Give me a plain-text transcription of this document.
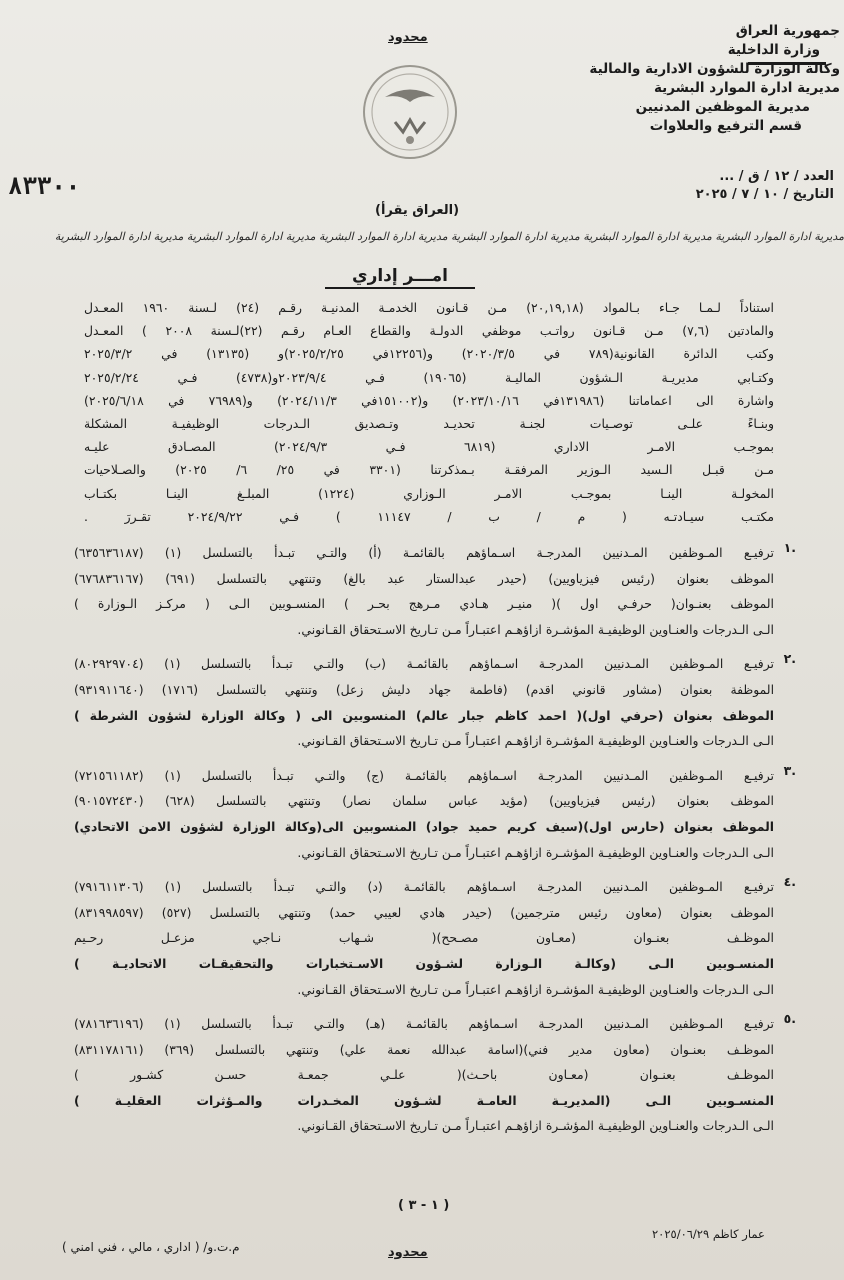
جمهورية العراق
وزارة الداخلية
وكالة الوزارة للشؤون الادارية والمالية
مديرية ادارة الموارد البشرية
مديرية الموظفين المدنيين
قسم الترفيع والعلاوات
العدد / ١٢ / ق / ...
التاريخ / ١٠ / ٧ / ٢٠٢٥
٨٣٣٠٠
محدود
(العراق يقرأ)
مديرية ادارة الموارد البشرية مديرية ادارة الموارد البشرية مديرية ادارة الموارد البشرية مديرية ادارة الموارد البشرية مديرية ادارة الموارد البشرية مديرية ادارة الموارد البشرية
امـــر إداري

استناداً لـمـا جـاء بـالمواد (٢٠,١٩,١٨) مـن قـانون الخدمـة المدنيـة رقـم (٢٤) لـسنة ١٩٦٠ المعـدل

والمادتين (٧,٦) مـن قـانون رواتـب موظفي الدولـة والقطاع العـام رقـم (٢٢)لـسنة ٢٠٠٨ ) المعـدل

وكتب الدائرة القانونية(٧٨٩ في ٢٠٢٠/٣/٥) و(١٢٢٥٦في ٢٠٢٥/٢/٢٥)و (١٣١٣٥) في ٢٠٢٥/٣/٢

وكتـابي مديريـة الـشؤون الماليـة (١٩٠٦٥) فـي ٢٠٢٣/٩/٤و(٤٧٣٨) فـي ٢٠٢٥/٢/٢٤

واشارة الى اعماماتنا (١٣١٩٨٦في ٢٠٢٣/١٠/١٦) و(١٥١٠٠٢في ٢٠٢٤/١١/٣) و(٧٦٩٨٩ في ٢٠٢٥/٦/١٨)

وبنـاءً علـى توصـيات لجنـة تحديـد وتـصديق الـدرجات الوظيفيـة المشكلة

بموجـب الامـر الاداري (٦٨١٩ فـي ٢٠٢٤/٩/٣) المصـادق عليـه

مـن قبـل الـسيد الـوزير المرفقـة بـمذكرتنا (٣٣٠١ في ٢٥/ ٦/ ٢٠٢٥) والصـلاحيات

المخولـة الينـا بموجـب الامـر الـوزاري (١٢٢٤) المبلـغ الينـا بكتـاب

مكتـب سيـادتـه ( م / ب / ١١١٤٧ ) فـي ٢٠٢٤/٩/٢٢ تقـررَ .

.١

ترفيـع المـوظفين المـدنيين المدرجـة اسـماؤهم بالقائمـة (أ) والتـي تبـدأ بالتسلسل (١) (٦٣٥٦٣٦١٨٧)

الموظف بعنوان (رئيس فيزياويين) (حيدر عبدالستار عبد بالغ) وتنتهي بالتسلسل (٦٩١) (٦٧٦٨٣٦١٦٧)

الموظف بعنـوان( حرفـي اول )( منيـر هـادي مـرهج بحـر ) المنسـوبين الـى ( مركـز الـوزارة )

الـى الـدرجات والعنـاوين الوظيفيـة المؤشـرة ازاؤهـم اعتبـاراً مـن تـاريخ الاسـتحقاق القـانوني.

.٢

ترفيـع المـوظفين المـدنيين المدرجـة اسـماؤهم بالقائمـة (ب) والتـي تبـدأ بالتسلسل (١) (٨٠٢٩٢٩٧٠٤)

الموظفة بعنوان (مشاور قانوني اقدم) (فاطمة جهاد دليش زعل) وتنتهي بالتسلسل (١٧١٦) (٩٣١٩١١٦٤٠)

الموظف بعنوان (حرفي اول)( احمد كاظم جبار عالم) المنسوبين الى ( وكالة الوزارة لشؤون الشرطة )

الـى الـدرجات والعنـاوين الوظيفيـة المؤشـرة ازاؤهـم اعتبـاراً مـن تـاريخ الاسـتحقاق القـانوني.

.٣

ترفيـع المـوظفين المـدنيين المدرجـة اسـماؤهم بالقائمـة (ج) والتـي تبـدأ بالتسلسل (١) (٧٢١٥٦١١٨٢)

الموظف بعنوان (رئيس فيزياويين) (مؤيد عباس سلمان نصار) وتنتهي بالتسلسل (٦٢٨) (٩٠١٥٧٢٤٣٠)

الموظف بعنوان (حارس اول)(سيف كريم حميد جواد) المنسوبين الى(وكالة الوزارة لشؤون الامن الاتحادي)

الـى الـدرجات والعنـاوين الوظيفيـة المؤشـرة ازاؤهـم اعتبـاراً مـن تـاريخ الاسـتحقاق القـانوني.

.٤

ترفيـع المـوظفين المـدنيين المدرجـة اسـماؤهم بالقائمـة (د) والتـي تبـدأ بالتسلسل (١) (٧٩١٦١١٣٠٦)

الموظف بعنوان (معاون رئيس مترجمين) (حيدر هادي لعيبي حمد) وتنتهي بالتسلسل (٥٢٧) (٨٣١٩٩٨٥٩٧)

الموظـف بعنـوان (معـاون مصـحح)( شـهاب نـاجي مزعـل رحـيم

المنسـوبين الـى (وكالـة الـوزارة لشـؤون الاسـتخبارات والتحقيقـات الاتحاديـة )

الـى الـدرجات والعنـاوين الوظيفيـة المؤشـرة ازاؤهـم اعتبـاراً مـن تـاريخ الاسـتحقاق القـانوني.

.٥

ترفيـع المـوظفين المـدنيين المدرجـة اسـماؤهم بالقائمـة (هـ) والتـي تبـدأ بالتسلسل (١) (٧٨١٦٣٦١٩٦)

الموظـف بعنـوان (معاون مدير فني)(اسامة عبدالله نعمة علي) وتنتهي بالتسلسل (٣٦٩) (٨٣١١٧٨١٦١)

الموظـف بعنـوان (معـاون باحـث)( علـي جمعـة حسـن كشـور )

المنسـوبين الـى (المديريـة العامـة لشـؤون المخـدرات والمـؤثرات العقليـة )

الـى الـدرجات والعنـاوين الوظيفيـة المؤشـرة ازاؤهـم اعتبـاراً مـن تـاريخ الاسـتحقاق القـانوني.

( ١ - ٣ )
عمار كاظم ٢٠٢٥/٠٦/٢٩
محدود
م.ت.و/ ( اداري ، مالي ، فني امني )
